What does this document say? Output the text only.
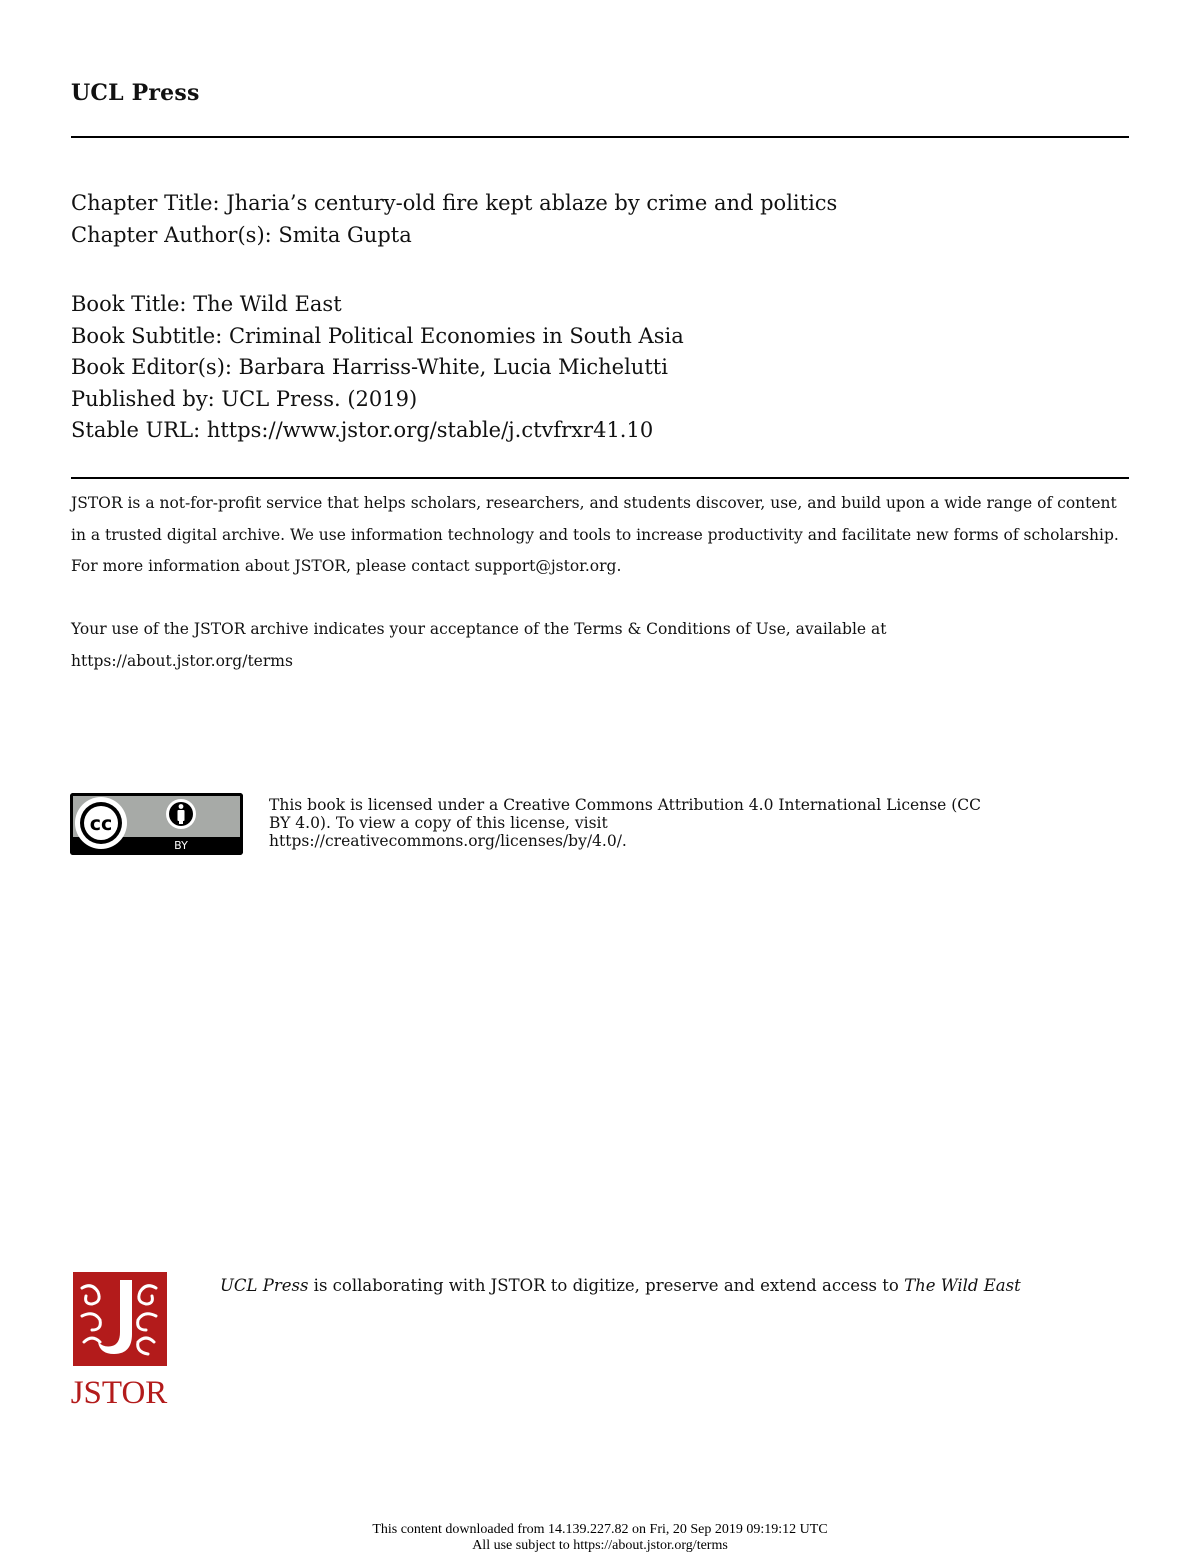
UCL Press
Chapter Title: Jharia’s century-old fire kept ablaze by crime and politics
Chapter Author(s): Smita Gupta
Book Title: The Wild East
Book Subtitle: Criminal Political Economies in South Asia
Book Editor(s): Barbara Harriss-White, Lucia Michelutti
Published by: UCL Press. (2019)
Stable URL: https://www.jstor.org/stable/j.ctvfrxr41.10
JSTOR is a not-for-profit service that helps scholars, researchers, and students discover, use, and build upon a wide range of content in a trusted digital archive. We use information technology and tools to increase productivity and facilitate new forms of scholarship. For more information about JSTOR, please contact support@jstor.org.
Your use of the JSTOR archive indicates your acceptance of the Terms & Conditions of Use, available at
https://about.jstor.org/terms
cc
BY
This book is licensed under a Creative Commons Attribution 4.0 International License (CC
BY 4.0). To view a copy of this license, visit
https://creativecommons.org/licenses/by/4.0/.
JSTOR
UCL Press is collaborating with JSTOR to digitize, preserve and extend access to The Wild East
This content downloaded from 14.139.227.82 on Fri, 20 Sep 2019 09:19:12 UTC
All use subject to https://about.jstor.org/terms
